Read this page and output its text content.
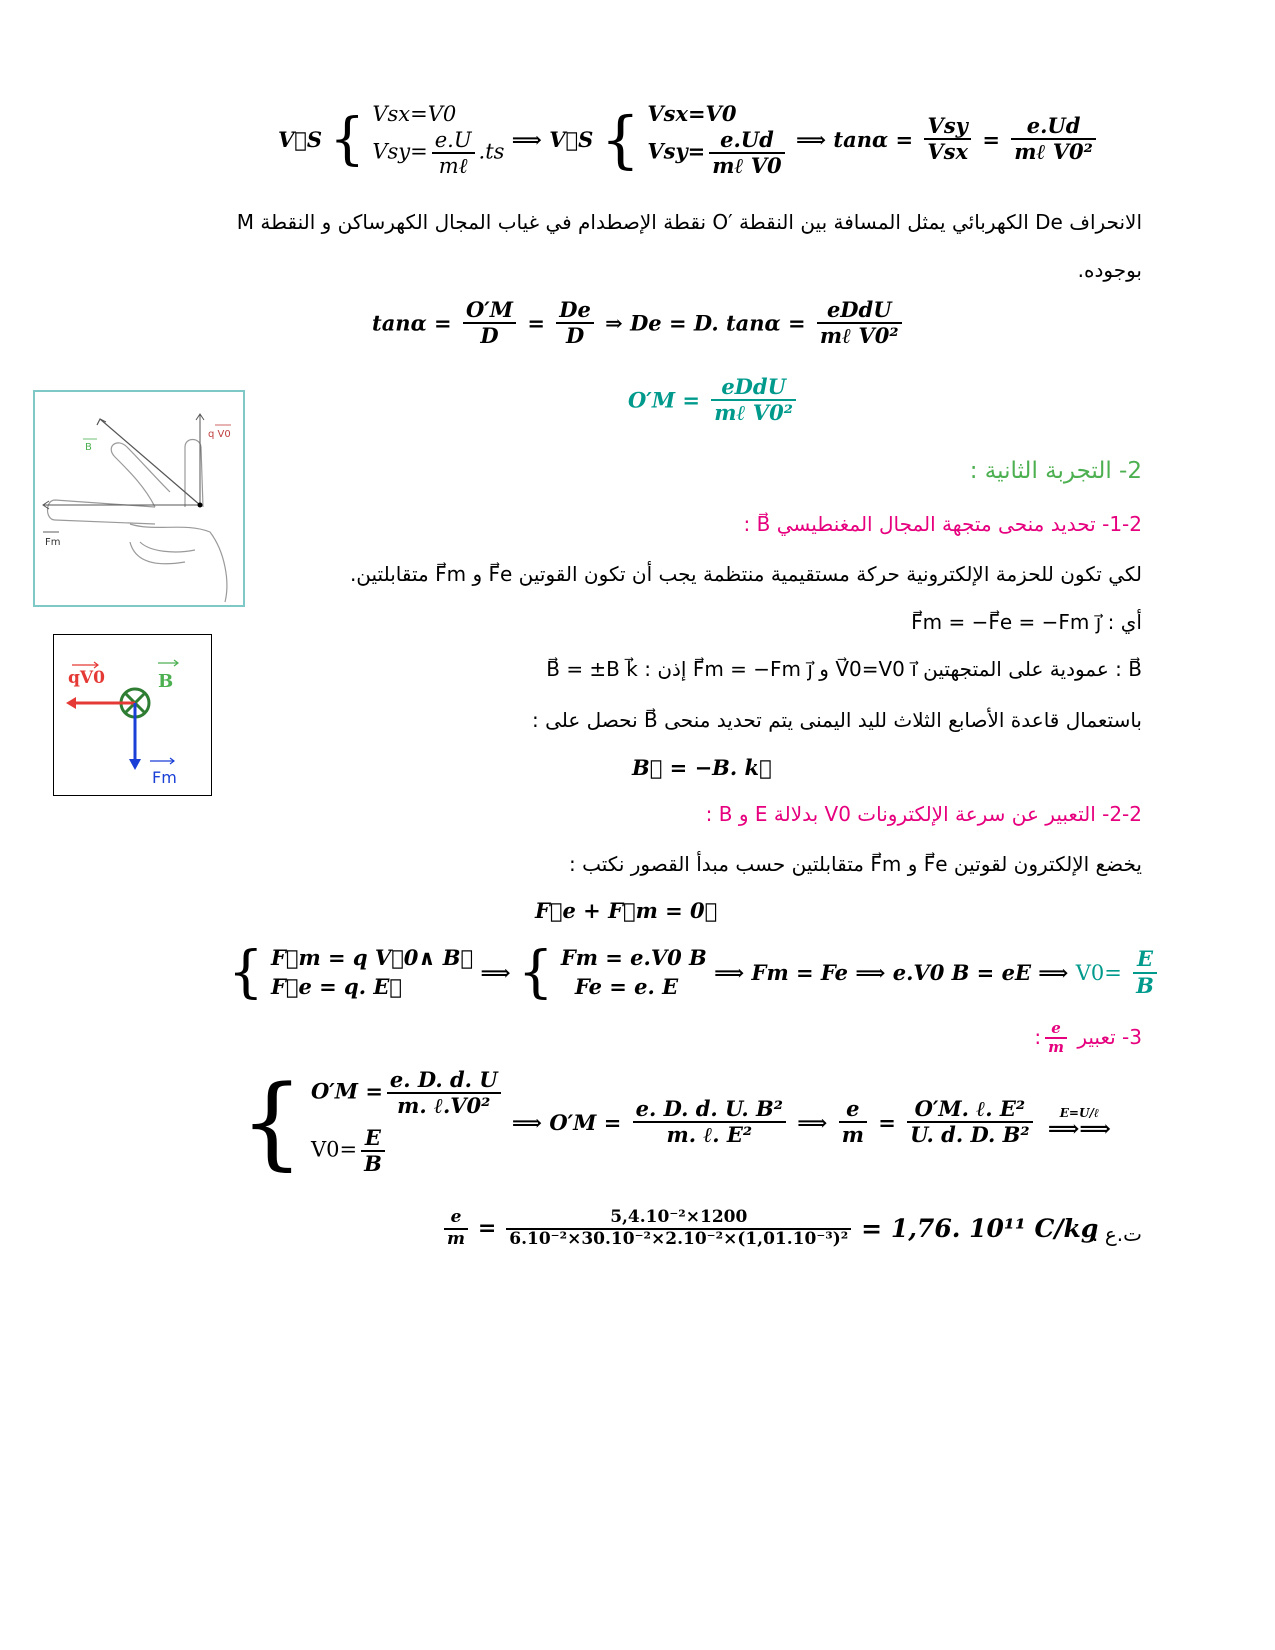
V⃗S { Vsx=V0
$Vsy= \frac{e.U}{\text{mℓ}} .ts$
⟹ V⃗S { Vsx=V0
$Vsy= \frac{e.Ud}{\text{mℓ V0}}$ ⟹ $\tan\alpha = \frac{\text{Vsy}}{\text{Vsx}} = \frac{e.Ud}{\text{mℓ V0²}}$
الانحراف De الكهربائي يمثل المسافة بين النقطة ′O نقطة الإصطدام في غياب المجال الكهرساكن و النقطة M
بوجوده.
$\tan\alpha = \frac{O'M}{D} = \frac{De}{D}$ ⇒ De = D. $\tan\alpha = \frac{\text{eDdU}}{\text{mℓ V0²}}$
$O'M = \frac{\text{eDdU}}{\text{mℓ V0²}}$
B
q V0
Fm
2- التجربة الثانية :
1-2- تحديد منحى متجهة المجال المغنطيسي B⃗ :
لكي تكون للحزمة الإلكترونية حركة مستقيمية منتظمة يجب أن تكون القوتين F⃗e و F⃗m متقابلتين.
أي : F⃗m = −F⃗e = −Fm j⃗
B⃗ : عمودية على المتجهتين V⃗0=V0 i⃗ و F⃗m = −Fm j⃗ إذن : B⃗ = ±B k⃗
باستعمال قاعدة الأصابع الثلاث لليد اليمنى يتم تحديد منحى B⃗ نحصل على :
B⃗ = −B. k⃗
qV0	B
Fm
2-2- التعبير عن سرعة الإلكترونات V0 بدلالة E و B :
يخضع الإلكترون لقوتين F⃗e و F⃗m متقابلتين حسب مبدأ القصور نكتب :
F⃗e + F⃗m = 0⃗
{ F⃗m = q V⃗0∧ B⃗
F⃗e = q. E⃗
⟹ { Fm = e.V0 B
Fe = e. E
⟹ Fm = Fe ⟹ e.V0 B = eE ⟹ $V0= \frac{E}{B}$
3- تعبير
$\frac{e}{m}$
:
{ $O'M = \frac{e. D. d. U}{\text{m. ℓ.V0²}}$
$V0= \frac{E}{B}$
⟹ $O'M = \frac{\text{e. D. d. U. B²}}{\text{m. ℓ. E²}}$ ⟹ $\frac{e}{m} = \frac{\text{O′M. ℓ. E²}}{\text{U. d. D. B²}}$
	E=U/ℓ
⟹⟹
ت.ع :
$\frac{e}{m} = \frac{\text{5,4.10⁻²×1200}}{\text{6.10⁻²×30.10⁻²×2.10⁻²×(1,01.10⁻³)²}} = 1,76$. 10¹¹ C/kg
